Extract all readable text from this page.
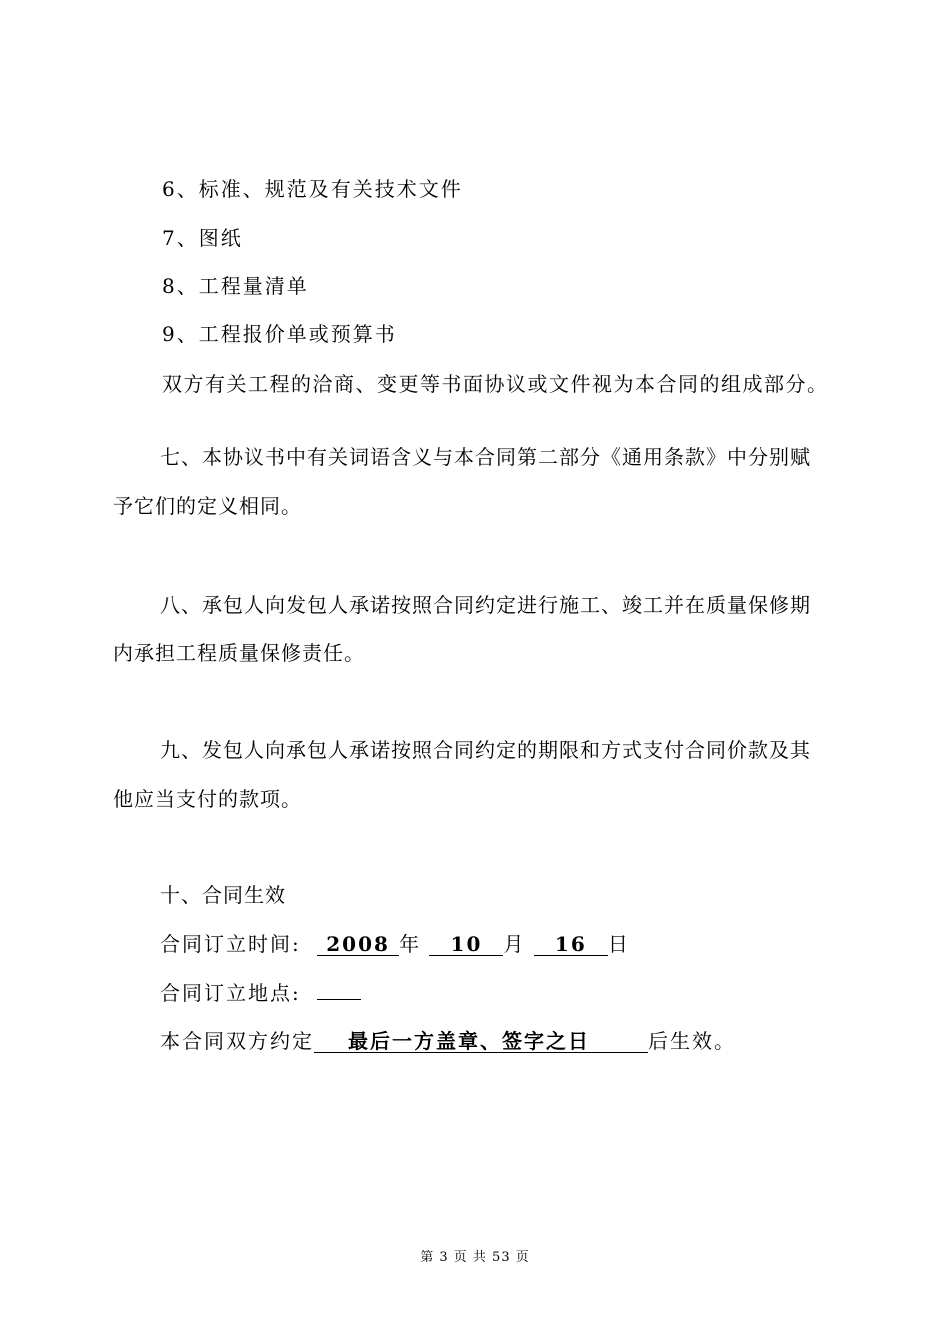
6、标准、规范及有关技术文件
7、图纸
8、工程量清单
9、工程报价单或预算书
双方有关工程的洽商、变更等书面协议或文件视为本合同的组成部分。
七、本协议书中有关词语含义与本合同第二部分《通用条款》中分别赋
予它们的定义相同。
八、承包人向发包人承诺按照合同约定进行施工、竣工并在质量保修期
内承担工程质量保修责任。
九、发包人向承包人承诺按照合同约定的期限和方式支付合同价款及其
他应当支付的款项。
十、合同生效
合同订立时间: 2008 年 10 月 16 日
合同订立地点:
本合同双方约定 最后一方盖章、签字之日	后生效。
第 3 页 共 53 页
